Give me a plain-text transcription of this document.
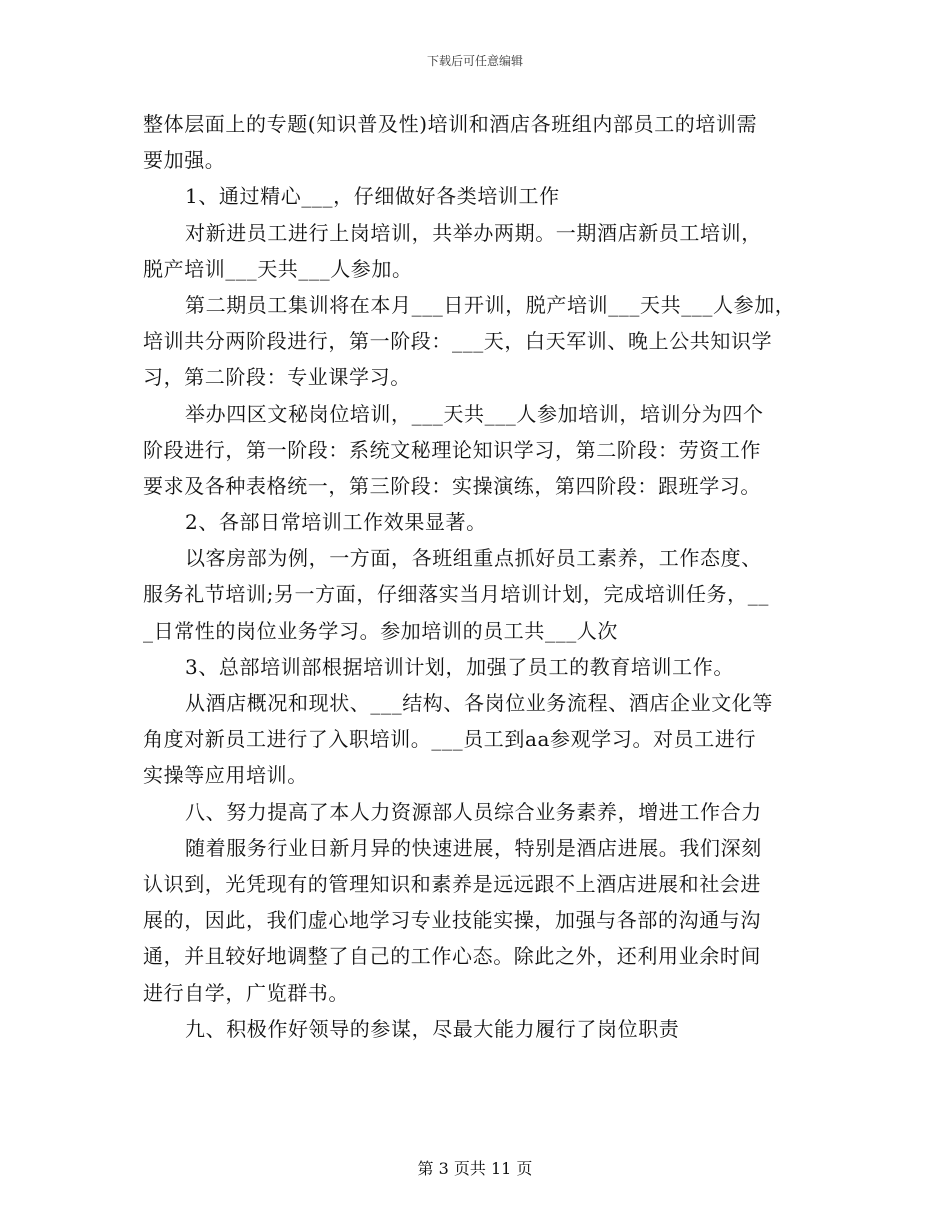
下载后可任意编辑
整体层面上的专题(知识普及性)培训和酒店各班组内部员工的培训需
要加强。
1、通过精心___，仔细做好各类培训工作
对新进员工进行上岗培训，共举办两期。一期酒店新员工培训，
脱产培训___天共___人参加。
第二期员工集训将在本月___日开训，脱产培训___天共___人参加，
培训共分两阶段进行，第一阶段：___天，白天军训、晚上公共知识学
习，第二阶段：专业课学习。
举办四区文秘岗位培训，___天共___人参加培训，培训分为四个
阶段进行，第一阶段：系统文秘理论知识学习，第二阶段：劳资工作
要求及各种表格统一，第三阶段：实操演练，第四阶段：跟班学习。
2、各部日常培训工作效果显著。
以客房部为例，一方面，各班组重点抓好员工素养，工作态度、
服务礼节培训;另一方面，仔细落实当月培训计划，完成培训任务，__
_日常性的岗位业务学习。参加培训的员工共___人次
3、总部培训部根据培训计划，加强了员工的教育培训工作。
从酒店概况和现状、___结构、各岗位业务流程、酒店企业文化等
角度对新员工进行了入职培训。___员工到aa参观学习。对员工进行
实操等应用培训。
八、努力提高了本人力资源部人员综合业务素养，增进工作合力
随着服务行业日新月异的快速进展，特别是酒店进展。我们深刻
认识到，光凭现有的管理知识和素养是远远跟不上酒店进展和社会进
展的，因此，我们虚心地学习专业技能实操，加强与各部的沟通与沟
通，并且较好地调整了自己的工作心态。除此之外，还利用业余时间
进行自学，广览群书。
九、积极作好领导的参谋，尽最大能力履行了岗位职责
第 3 页共 11 页
